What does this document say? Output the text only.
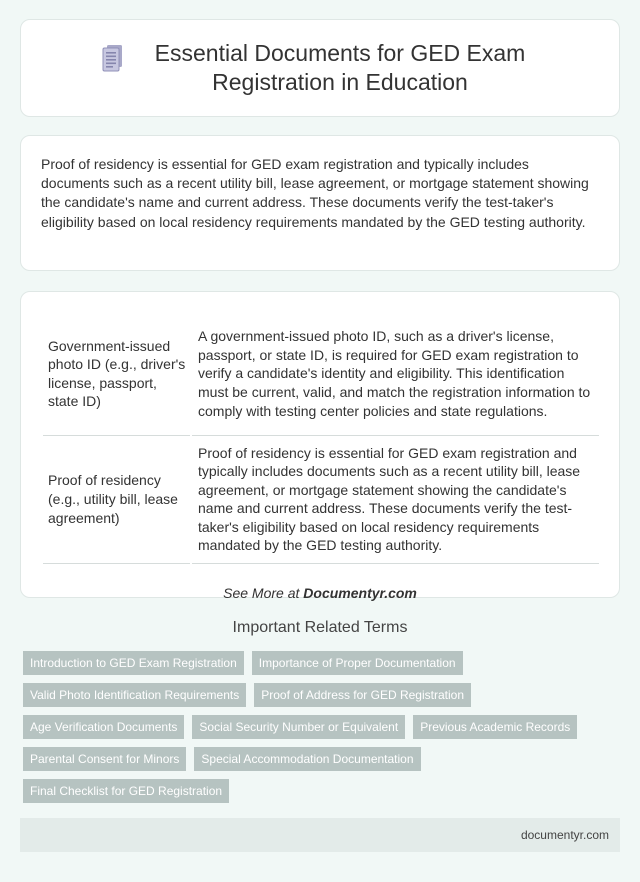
Essential Documents for GED Exam Registration in Education

Proof of residency is essential for GED exam registration and typically includes documents such as a recent utility bill, lease agreement, or mortgage statement showing the candidate's name and current address. These documents verify the test-taker's eligibility based on local residency requirements mandated by the GED testing authority.

Government-issued photo ID (e.g., driver's license, passport, state ID)	A government-issued photo ID, such as a driver's license, passport, or state ID, is required for GED exam registration to verify a candidate's identity and eligibility. This identification must be current, valid, and match the registration information to comply with testing center policies and state regulations.
Proof of residency (e.g., utility bill, lease agreement)	Proof of residency is essential for GED exam registration and typically includes documents such as a recent utility bill, lease agreement, or mortgage statement showing the candidate's name and current address. These documents verify the test-taker's eligibility based on local residency requirements mandated by the GED testing authority.
See More at Documentyr.com
Important Related Terms
Introduction to GED Exam Registration	Importance of Proper Documentation
Valid Photo Identification Requirements	Proof of Address for GED Registration
Age Verification Documents	Social Security Number or Equivalent	Previous Academic Records
Parental Consent for Minors	Special Accommodation Documentation
Final Checklist for GED Registration
documentyr.com
